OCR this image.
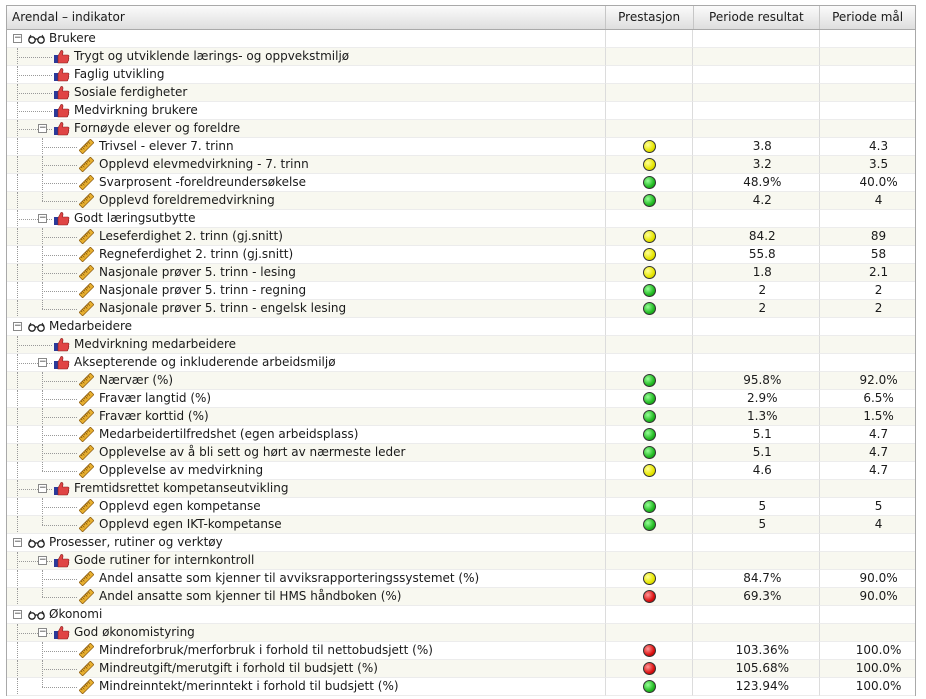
Arendal – indikator	Prestasjon	Periode resultat	Periode mål
− Brukere
Trygt og utviklende lærings- og oppvekstmiljø
Faglig utvikling
Sosiale ferdigheter
Medvirkning brukere
− Fornøyde elever og foreldre
Trivsel - elever 7. trinn	3.8	4.3
Opplevd elevmedvirkning - 7. trinn	3.2	3.5
Svarprosent -foreldreundersøkelse	48.9%	40.0%
Opplevd foreldremedvirkning	4.2	4
− Godt læringsutbytte
Leseferdighet 2. trinn (gj.snitt)	84.2	89
Regneferdighet 2. trinn (gj.snitt)	55.8	58
Nasjonale prøver 5. trinn - lesing	1.8	2.1
Nasjonale prøver 5. trinn - regning	2	2
Nasjonale prøver 5. trinn - engelsk lesing	2	2
− Medarbeidere
Medvirkning medarbeidere
− Aksepterende og inkluderende arbeidsmiljø
Nærvær (%)	95.8%	92.0%
Fravær langtid (%)	2.9%	6.5%
Fravær korttid (%)	1.3%	1.5%
Medarbeidertilfredshet (egen arbeidsplass)	5.1	4.7
Opplevelse av å bli sett og hørt av nærmeste leder	5.1	4.7
Opplevelse av medvirkning	4.6	4.7
− Fremtidsrettet kompetanseutvikling
Opplevd egen kompetanse	5	5
Opplevd egen IKT-kompetanse	5	4
− Prosesser, rutiner og verktøy
− Gode rutiner for internkontroll
Andel ansatte som kjenner til avviksrapporteringssystemet (%)	84.7%	90.0%
Andel ansatte som kjenner til HMS håndboken (%)	69.3%	90.0%
− Økonomi
− God økonomistyring
Mindreforbruk/merforbruk i forhold til nettobudsjett (%)	103.36%	100.0%
Mindreutgift/merutgift i forhold til budsjett (%)	105.68%	100.0%
Mindreinntekt/merinntekt i forhold til budsjett (%)	123.94%	100.0%
